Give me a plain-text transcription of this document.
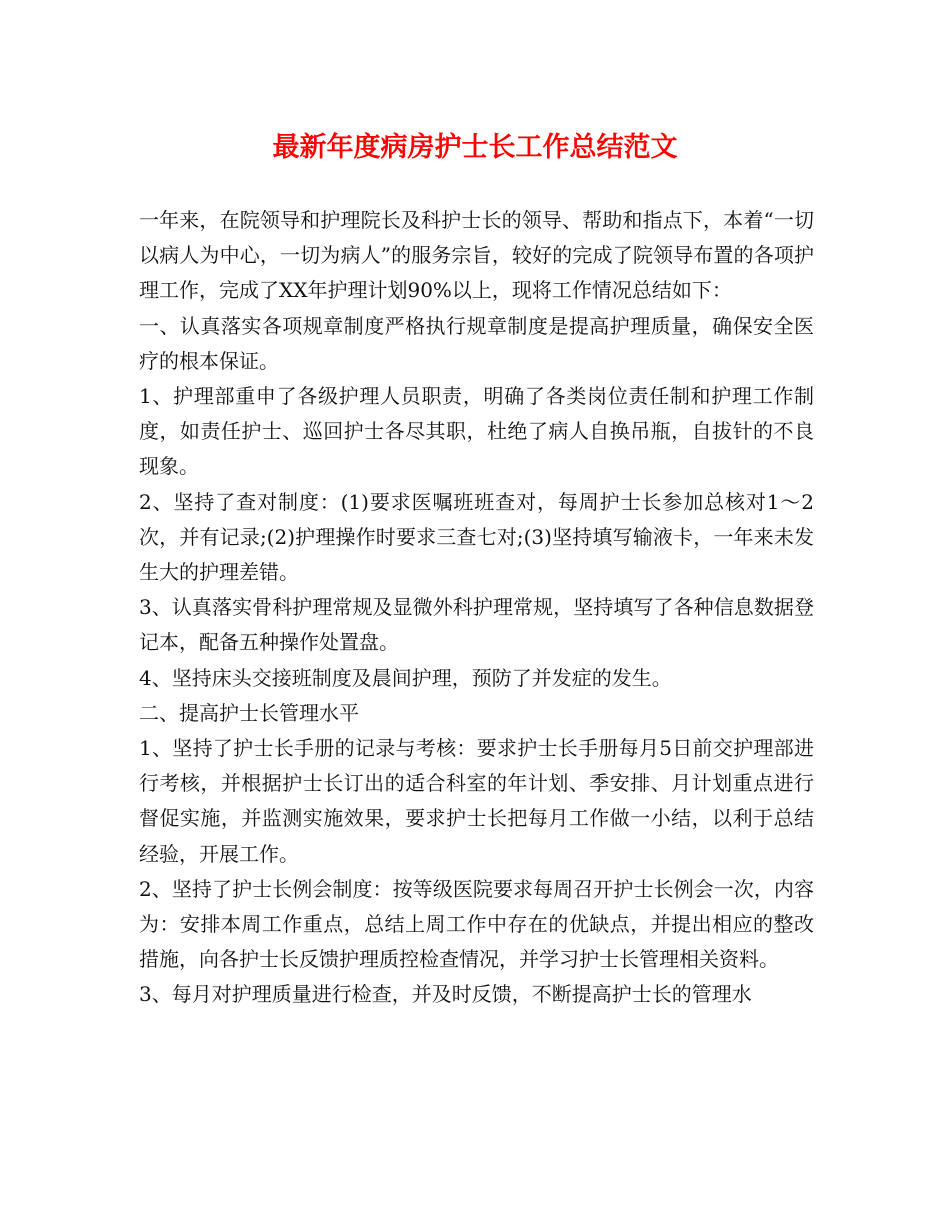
最新年度病房护士长工作总结范文

一年来，在院领导和护理院长及科护士长的领导、帮助和指点下，本着“一切以病人为中心，一切为病人”的服务宗旨，较好的完成了院领导布置的各项护理工作，完成了XX年护理计划90%以上，现将工作情况总结如下：

一、认真落实各项规章制度严格执行规章制度是提高护理质量，确保安全医疗的根本保证。

1、护理部重申了各级护理人员职责，明确了各类岗位责任制和护理工作制度，如责任护士、巡回护士各尽其职，杜绝了病人自换吊瓶，自拔针的不良现象。

2、坚持了查对制度：(1)要求医嘱班班查对，每周护士长参加总核对1～2次，并有记录;(2)护理操作时要求三查七对;(3)坚持填写输液卡，一年来未发生大的护理差错。

3、认真落实骨科护理常规及显微外科护理常规，坚持填写了各种信息数据登记本，配备五种操作处置盘。

4、坚持床头交接班制度及晨间护理，预防了并发症的发生。

二、提高护士长管理水平

1、坚持了护士长手册的记录与考核：要求护士长手册每月5日前交护理部进行考核，并根据护士长订出的适合科室的年计划、季安排、月计划重点进行督促实施，并监测实施效果，要求护士长把每月工作做一小结，以利于总结经验，开展工作。

2、坚持了护士长例会制度：按等级医院要求每周召开护士长例会一次，内容为：安排本周工作重点，总结上周工作中存在的优缺点，并提出相应的整改措施，向各护士长反馈护理质控检查情况，并学习护士长管理相关资料。

3、每月对护理质量进行检查，并及时反馈，不断提高护士长的管理水
